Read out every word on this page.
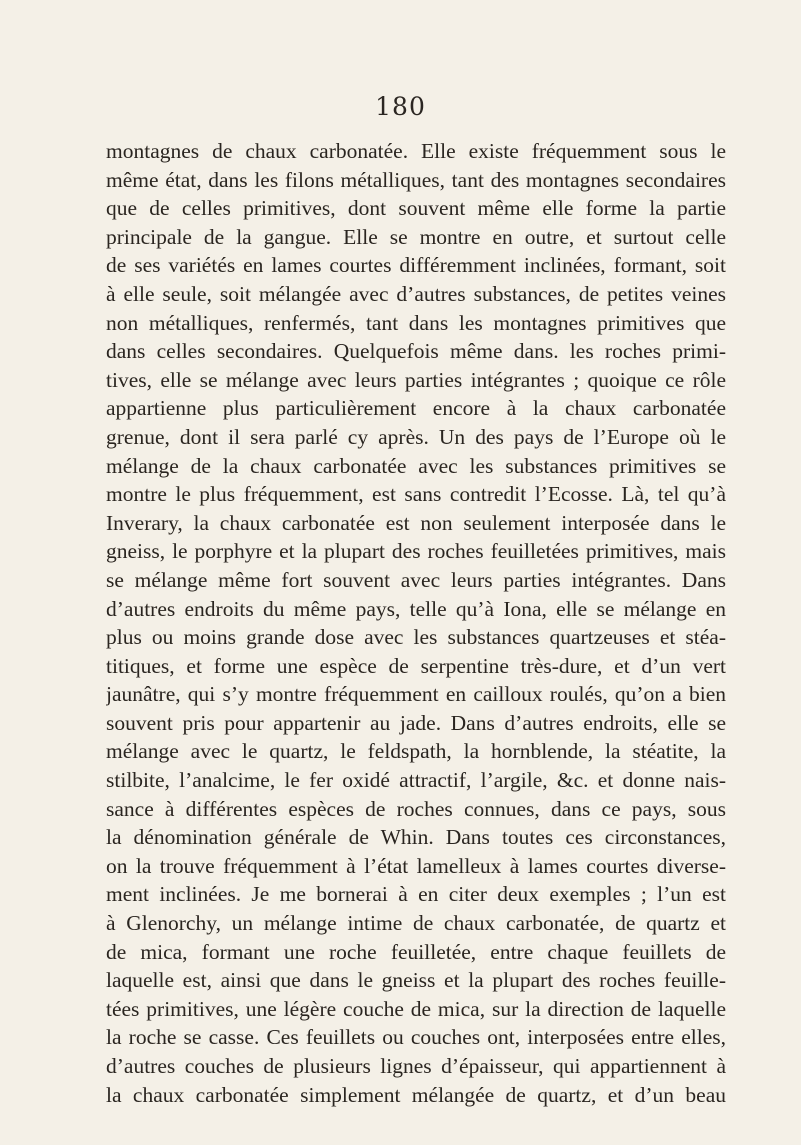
180
montagnes de chaux carbonatée. Elle existe fréquemment sous le
même état, dans les filons métalliques, tant des montagnes secondaires
que de celles primitives, dont souvent même elle forme la partie
principale de la gangue. Elle se montre en outre, et surtout celle
de ses variétés en lames courtes différemment inclinées, formant, soit
à elle seule, soit mélangée avec d’autres substances, de petites veines
non métalliques, renfermés, tant dans les montagnes primitives que
dans celles secondaires. Quelquefois même dans. les roches primi-
tives, elle se mélange avec leurs parties intégrantes ; quoique ce rôle
appartienne plus particulièrement encore à la chaux carbonatée
grenue, dont il sera parlé cy après. Un des pays de l’Europe où le
mélange de la chaux carbonatée avec les substances primitives se
montre le plus fréquemment, est sans contredit l’Ecosse. Là, tel qu’à
Inverary, la chaux carbonatée est non seulement interposée dans le
gneiss, le porphyre et la plupart des roches feuilletées primitives, mais
se mélange même fort souvent avec leurs parties intégrantes. Dans
d’autres endroits du même pays, telle qu’à Iona, elle se mélange en
plus ou moins grande dose avec les substances quartzeuses et stéa-
titiques, et forme une espèce de serpentine très-dure, et d’un vert
jaunâtre, qui s’y montre fréquemment en cailloux roulés, qu’on a bien
souvent pris pour appartenir au jade. Dans d’autres endroits, elle se
mélange avec le quartz, le feldspath, la hornblende, la stéatite, la
stilbite, l’analcime, le fer oxidé attractif, l’argile, &c. et donne nais-
sance à différentes espèces de roches connues, dans ce pays, sous
la dénomination générale de Whin. Dans toutes ces circonstances,
on la trouve fréquemment à l’état lamelleux à lames courtes diverse-
ment inclinées. Je me bornerai à en citer deux exemples ; l’un est
à Glenorchy, un mélange intime de chaux carbonatée, de quartz et
de mica, formant une roche feuilletée, entre chaque feuillets de
laquelle est, ainsi que dans le gneiss et la plupart des roches feuille-
tées primitives, une légère couche de mica, sur la direction de laquelle
la roche se casse. Ces feuillets ou couches ont, interposées entre elles,
d’autres couches de plusieurs lignes d’épaisseur, qui appartiennent à
la chaux carbonatée simplement mélangée de quartz, et d’un beau
